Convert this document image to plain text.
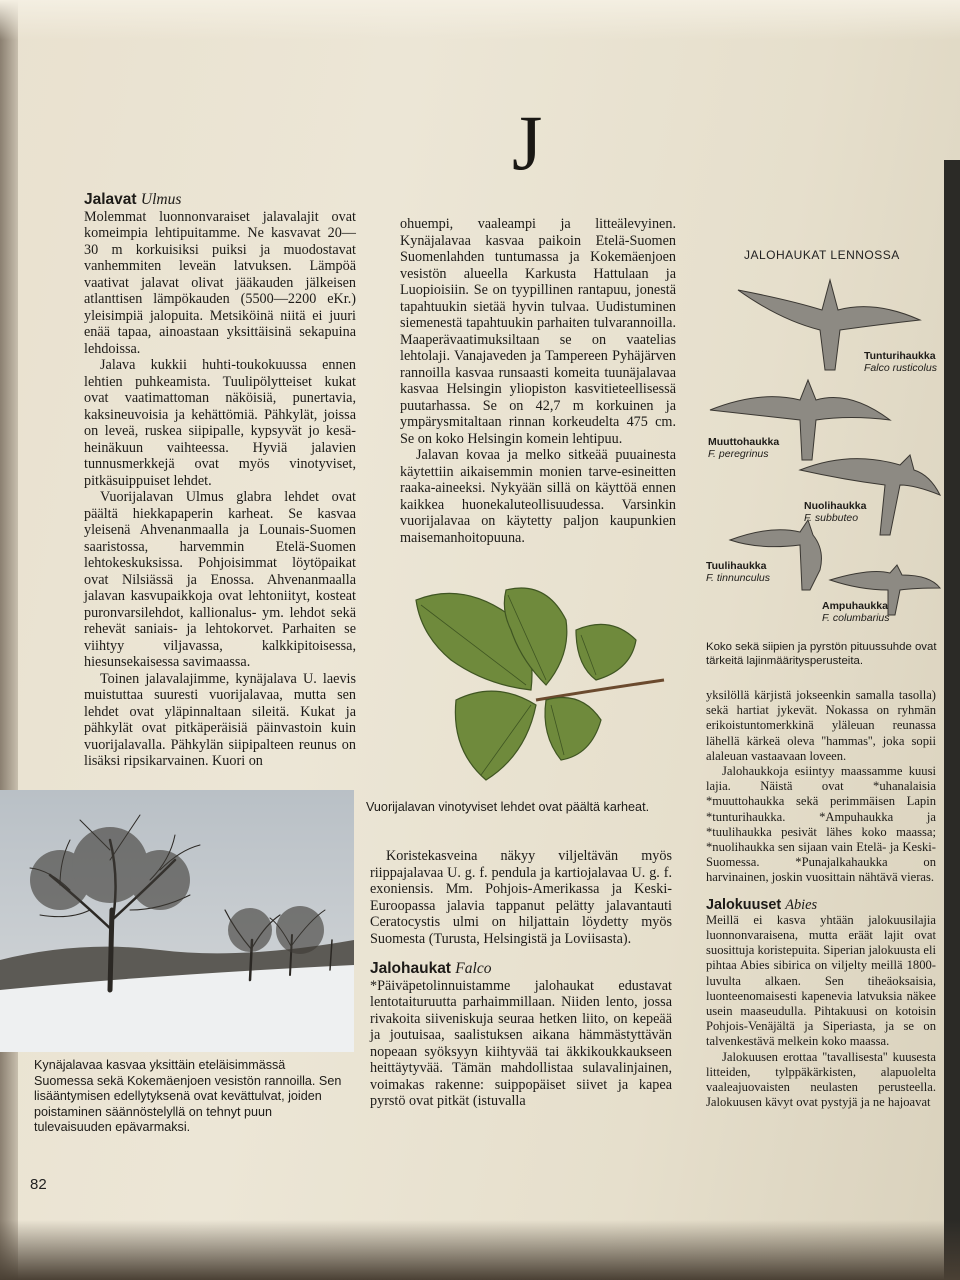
J
Jalavat Ulmus

Molemmat luonnonvaraiset jalavalajit ovat komeimpia lehtipuitamme. Ne kasvavat 20—30 m korkuisiksi puiksi ja muodostavat vanhemmiten leveän latvuksen. Lämpöä vaativat jalavat olivat jääkauden jälkeisen atlanttisen lämpökauden (5500—2200 eKr.) yleisimpiä jalopuita. Metsiköinä niitä ei juuri enää tapaa, ainoastaan yksittäisinä sekapuina lehdoissa.

Jalava kukkii huhti-toukokuussa ennen lehtien puhkeamista. Tuulipölytteiset kukat ovat vaatimattoman näköisiä, punertavia, kaksineuvoisia ja kehättömiä. Pähkylät, joissa on leveä, ruskea siipipalle, kypsyvät jo kesä-heinäkuun vaihteessa. Hyviä jalavien tunnusmerkkejä ovat myös vinotyviset, pitkäsuippuiset lehdet.

Vuorijalavan Ulmus glabra lehdet ovat päältä hiekkapaperin karheat. Se kasvaa yleisenä Ahvenanmaalla ja Lounais-Suomen saaristossa, harvemmin Etelä-Suomen lehtokeskuksissa. Pohjoisimmat löytöpaikat ovat Nilsiässä ja Enossa. Ahvenanmaalla jalavan kasvupaikkoja ovat lehtoniityt, kosteat puronvarsilehdot, kallionalus- ym. lehdot sekä rehevät saniais- ja lehtokorvet. Parhaiten se viihtyy viljavassa, kalkkipitoisessa, hiesunsekaisessa savimaassa.

Toinen jalavalajimme, kynäjalava U. laevis muistuttaa suuresti vuorijalavaa, mutta sen lehdet ovat yläpinnaltaan sileitä. Kukat ja pähkylät ovat pitkäperäisiä päinvastoin kuin vuorijalavalla. Pähkylän siipipalteen reunus on lisäksi ripsikarvainen. Kuori on

Kynäjalavaa kasvaa yksittäin eteläisimmässä Suomessa sekä Kokemäenjoen vesistön rannoilla. Sen lisääntymisen edellytyksenä ovat kevättulvat, joiden poistaminen säännöstelyllä on tehnyt puun tulevaisuuden epävarmaksi.
82

ohuempi, vaaleampi ja litteälevyinen. Kynäjalavaa kasvaa paikoin Etelä-Suomen Suomenlahden tuntumassa ja Kokemäenjoen vesistön alueella Karkusta Hattulaan ja Luopioisiin. Se on tyypillinen rantapuu, jonestä tapahtuukin sietää hyvin tulvaa. Uudistuminen siemenestä tapahtuukin parhaiten tulvarannoilla. Maaperävaatimuksiltaan se on vaatelias lehtolaji. Vanajaveden ja Tampereen Pyhäjärven rannoilla kasvaa runsaasti komeita tuunäjalavaa kasvaa Helsingin yliopiston kasvitieteellisessä puutarhassa. Se on 42,7 m korkuinen ja ympärysmitaltaan rinnan korkeudelta 475 cm. Se on koko Helsingin komein lehtipuu.

Jalavan kovaa ja melko sitkeää puuainesta käytettiin aikaisemmin monien tarve-esineitten raaka-aineeksi. Nykyään sillä on käyttöä ennen kaikkea huonekaluteollisuudessa. Varsinkin vuorijalavaa on käytetty paljon kaupunkien maisemanhoitopuuna.

Vuorijalavan vinotyviset lehdet ovat päältä karheat.

Koristekasveina näkyy viljeltävän myös riippajalavaa U. g. f. pendula ja kartiojalavaa U. g. f. exoniensis. Mm. Pohjois-Amerikassa ja Keski-Euroopassa jalavia tappanut pelätty jalavantauti Ceratocystis ulmi on hiljattain löydetty myös Suomesta (Turusta, Helsingistä ja Loviisasta).

Jalohaukat Falco

*Päiväpetolinnuistamme jalohaukat edustavat lentotaituruutta parhaimmillaan. Niiden lento, jossa rivakoita siiveniskuja seuraa hetken liito, on kepeää ja joutuisaa, saalistuksen aikana hämmästyttävän nopeaan syöksyyn kiihtyvää tai äkkikoukkaukseen heittäytyvää. Tämän mahdollistaa sulavalinjainen, voimakas rakenne: suippopäiset siivet ja kapea pyrstö ovat pitkät (istuvalla

JALOHAUKAT LENNOSSA
Tunturihaukka
Falco rusticolus
Muuttohaukka
F. peregrinus
Nuolihaukka
F. subbuteo
Tuulihaukka
F. tinnunculus
Ampuhaukka
F. columbarius
Koko sekä siipien ja pyrstön pituussuhde ovat tärkeitä lajinmääritysperusteita.

yksilöllä kärjistä jokseenkin samalla tasolla) sekä hartiat jykevät. Nokassa on ryhmän erikoistuntomerkkinä yläleuan reunassa lähellä kärkeä oleva ''hammas'', joka sopii alaleuan vastaavaan loveen.

Jalohaukkoja esiintyy maassamme kuusi lajia. Näistä ovat *uhanalaisia *muuttohaukka sekä perimmäisen Lapin *tunturihaukka. *Ampuhaukka ja *tuulihaukka pesivät lähes koko maassa; *nuolihaukka sen sijaan vain Etelä- ja Keski-Suomessa. *Punajalkahaukka on harvinainen, joskin vuosittain nähtävä vieras.

Jalokuuset Abies

Meillä ei kasva yhtään jalokuusilajia luonnonvaraisena, mutta eräät lajit ovat suosittuja koristepuita. Siperian jalokuusta eli pihtaa Abies sibirica on viljelty meillä 1800-luvulta alkaen. Sen tiheäoksaisia, luonteenomaisesti kapenevia latvuksia näkee usein maaseudulla. Pihtakuusi on kotoisin Pohjois-Venäjältä ja Siperiasta, ja se on talvenkestävä melkein koko maassa.

Jalokuusen erottaa ''tavallisesta'' kuusesta litteiden, tylppäkärkisten, alapuolelta vaaleajuovaisten neulasten perusteella. Jalokuusen kävyt ovat pystyjä ja ne hajoavat
